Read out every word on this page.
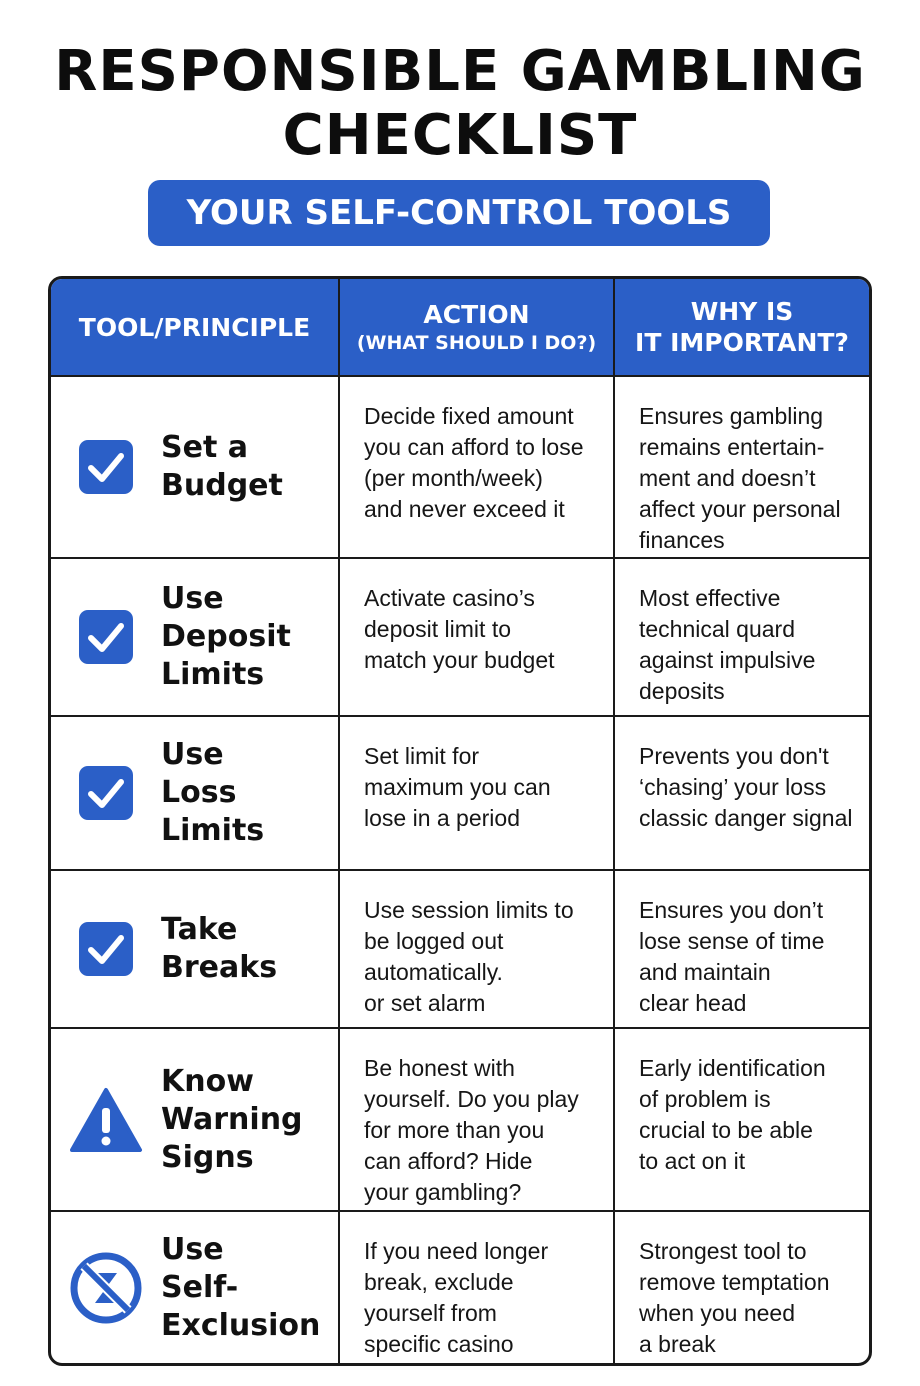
RESPONSIBLE GAMBLING
CHECKLIST
YOUR SELF-CONTROL TOOLS
TOOL/PRINCIPLE	ACTION
(WHAT SHOULD I DO?)
WHY IS
IT IMPORTANT?
Set a
Budget
Decide fixed amount
you can afford to lose
(per month/week)
and never exceed it
Ensures gambling
remains entertain-
ment and doesn’t
affect your personal
finances
Use
Deposit
Limits
Activate casino’s
deposit limit to
match your budget
Most effective
technical quard
against impulsive
deposits
Use
Loss
Limits
Set limit for
maximum you can
lose in a period
Prevents you don't
‘chasing’ your loss
classic danger signal
Take
Breaks
Use session limits to
be logged out
automatically.
or set alarm
Ensures you don’t
lose sense of time
and maintain
clear head
Know
Warning
Signs
Be honest with
yourself. Do you play
for more than you
can afford? Hide
your gambling?
Early identification
of problem is
crucial to be able
to act on it
Use
Self-
Exclusion
If you need longer
break, exclude
yourself from
specific casino
Strongest tool to
remove temptation
when you need
a break
